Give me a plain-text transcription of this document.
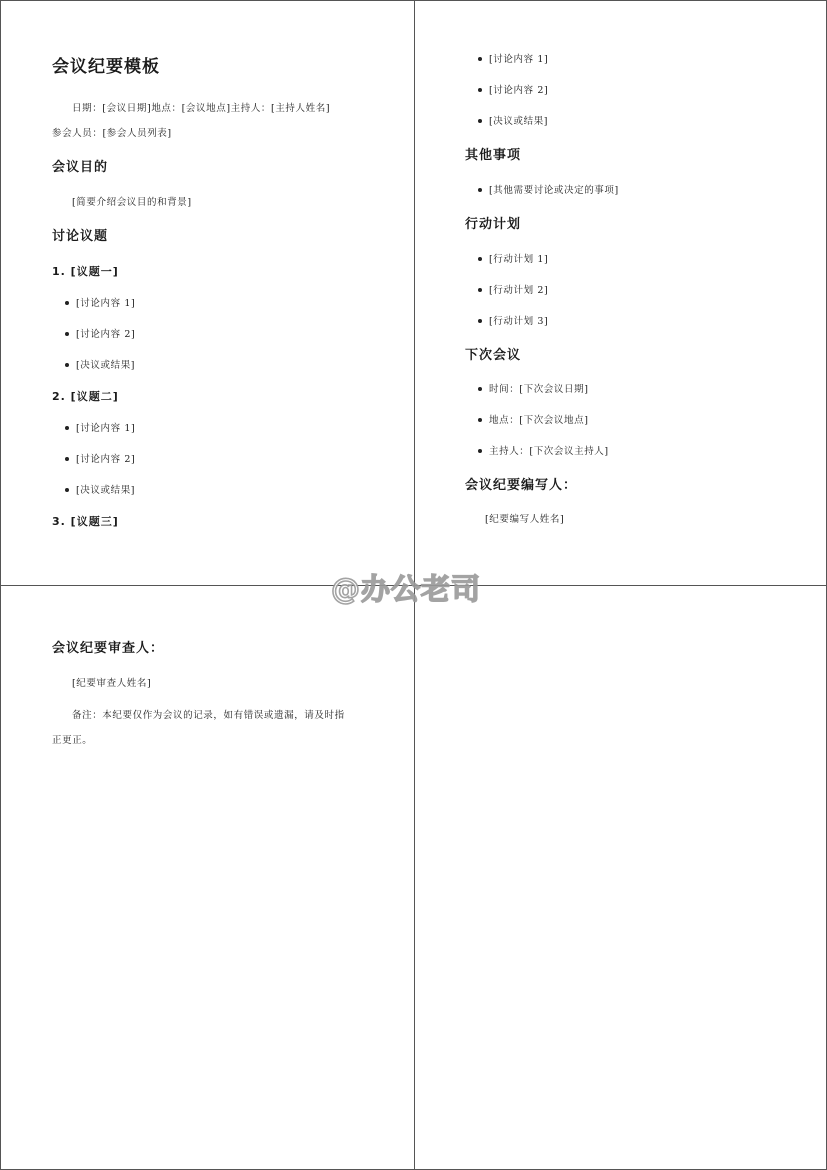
会议纪要模板
日期：[会议日期]地点：[会议地点]主持人：[主持人姓名]
参会人员：[参会人员列表]
会议目的
[简要介绍会议目的和背景]
讨论议题
1. [议题一]
[讨论内容 1]
[讨论内容 2]
[决议或结果]
2. [议题二]
[讨论内容 1]
[讨论内容 2]
[决议或结果]
3. [议题三]
[讨论内容 1]
[讨论内容 2]
[决议或结果]
其他事项
[其他需要讨论或决定的事项]
行动计划
[行动计划 1]
[行动计划 2]
[行动计划 3]
下次会议
时间：[下次会议日期]
地点：[下次会议地点]
主持人：[下次会议主持人]
会议纪要编写人：
[纪要编写人姓名]
会议纪要审查人：
[纪要审查人姓名]
备注：本纪要仅作为会议的记录，如有错误或遗漏，请及时指
正更正。
@办公老司
